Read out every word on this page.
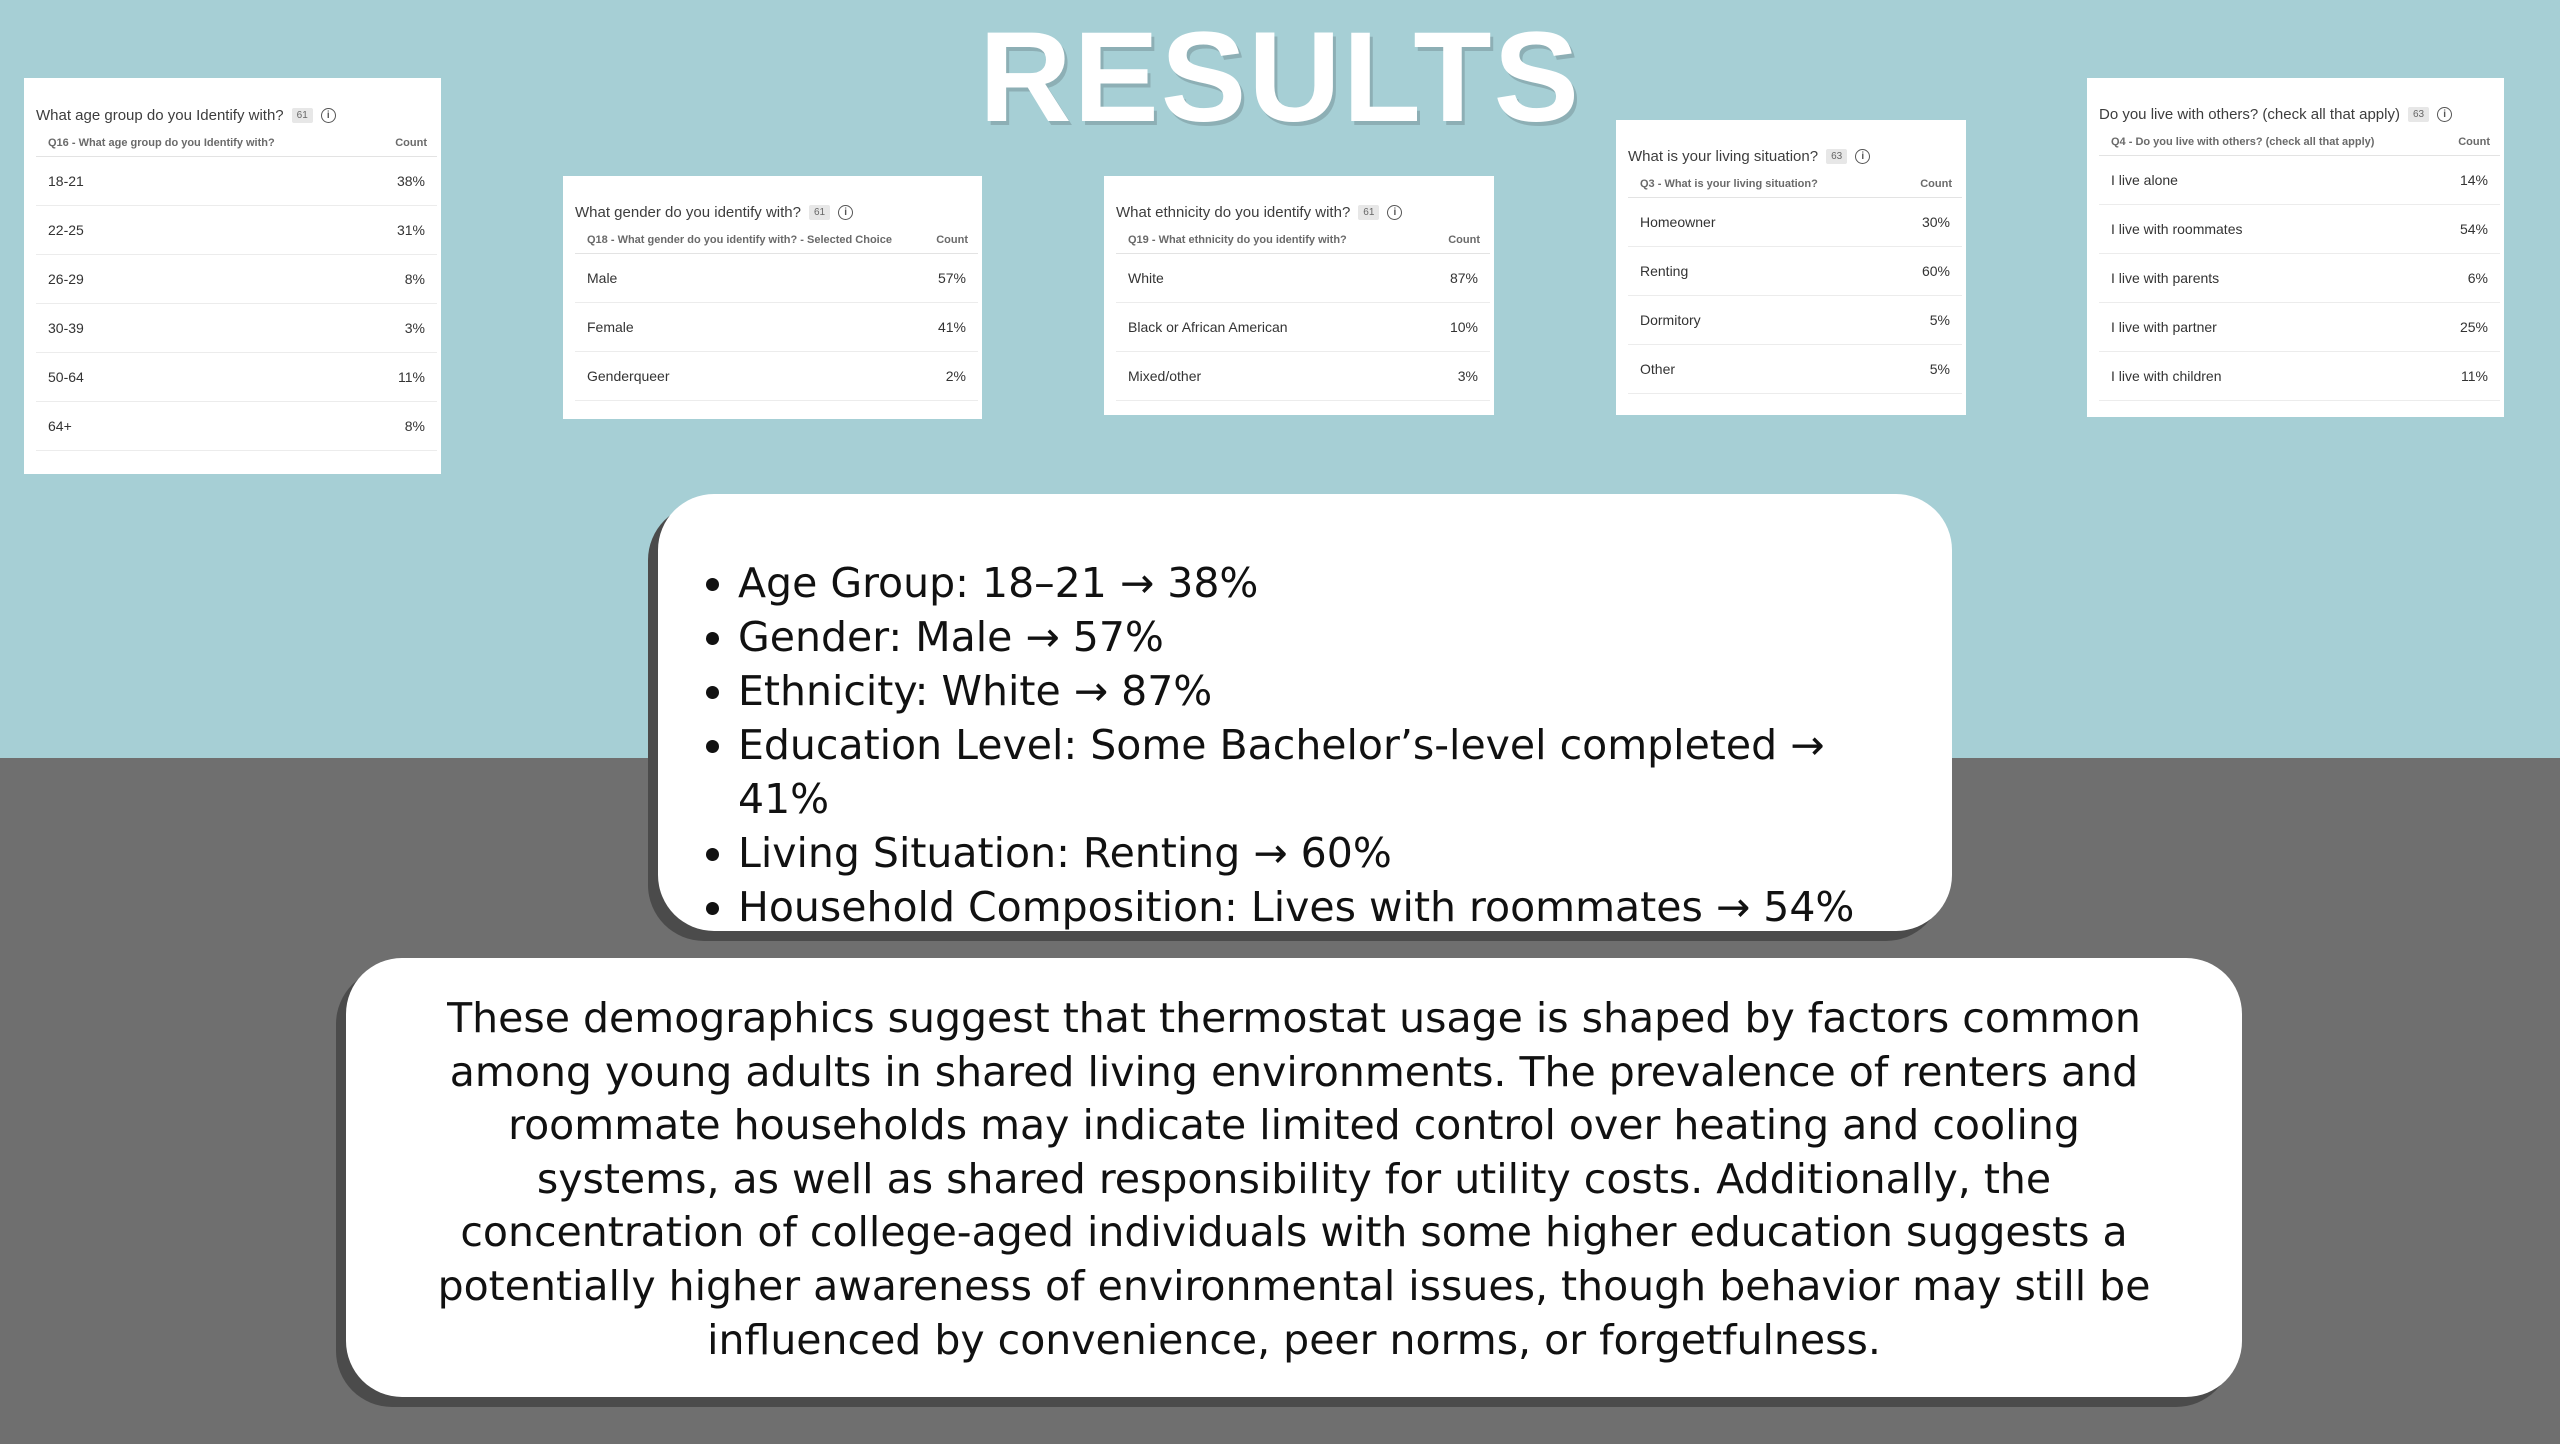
RESULTS
What age group do you Identify with?	61	i
Q16 - What age group do you Identify with?	Count
18-21	38%
22-25	31%
26-29	8%
30-39	3%
50-64	11%
64+	8%
What gender do you identify with?	61	i
Q18 - What gender do you identify with? - Selected Choice	Count
Male	57%
Female	41%
Genderqueer	2%
What ethnicity do you identify with?	61	i
Q19 - What ethnicity do you identify with?	Count
White	87%
Black or African American	10%
Mixed/other	3%
What is your living situation?	63	i
Q3 - What is your living situation?	Count
Homeowner	30%
Renting	60%
Dormitory	5%
Other	5%
Do you live with others? (check all that apply)	63	i
Q4 - Do you live with others? (check all that apply)	Count
I live alone	14%
I live with roommates	54%
I live with parents	6%
I live with partner	25%
I live with children	11%
• Age Group: 18–21 → 38%
• Gender: Male → 57%
• Ethnicity: White → 87%
• Education Level: Some Bachelor’s-level completed → 41%
• Living Situation: Renting → 60%
• Household Composition: Lives with roommates → 54%

These demographics suggest that thermostat usage is shaped by factors common
among young adults in shared living environments. The prevalence of renters and
roommate households may indicate limited control over heating and cooling
systems, as well as shared responsibility for utility costs. Additionally, the
concentration of college-aged individuals with some higher education suggests a
potentially higher awareness of environmental issues, though behavior may still be
influenced by convenience, peer norms, or forgetfulness.
